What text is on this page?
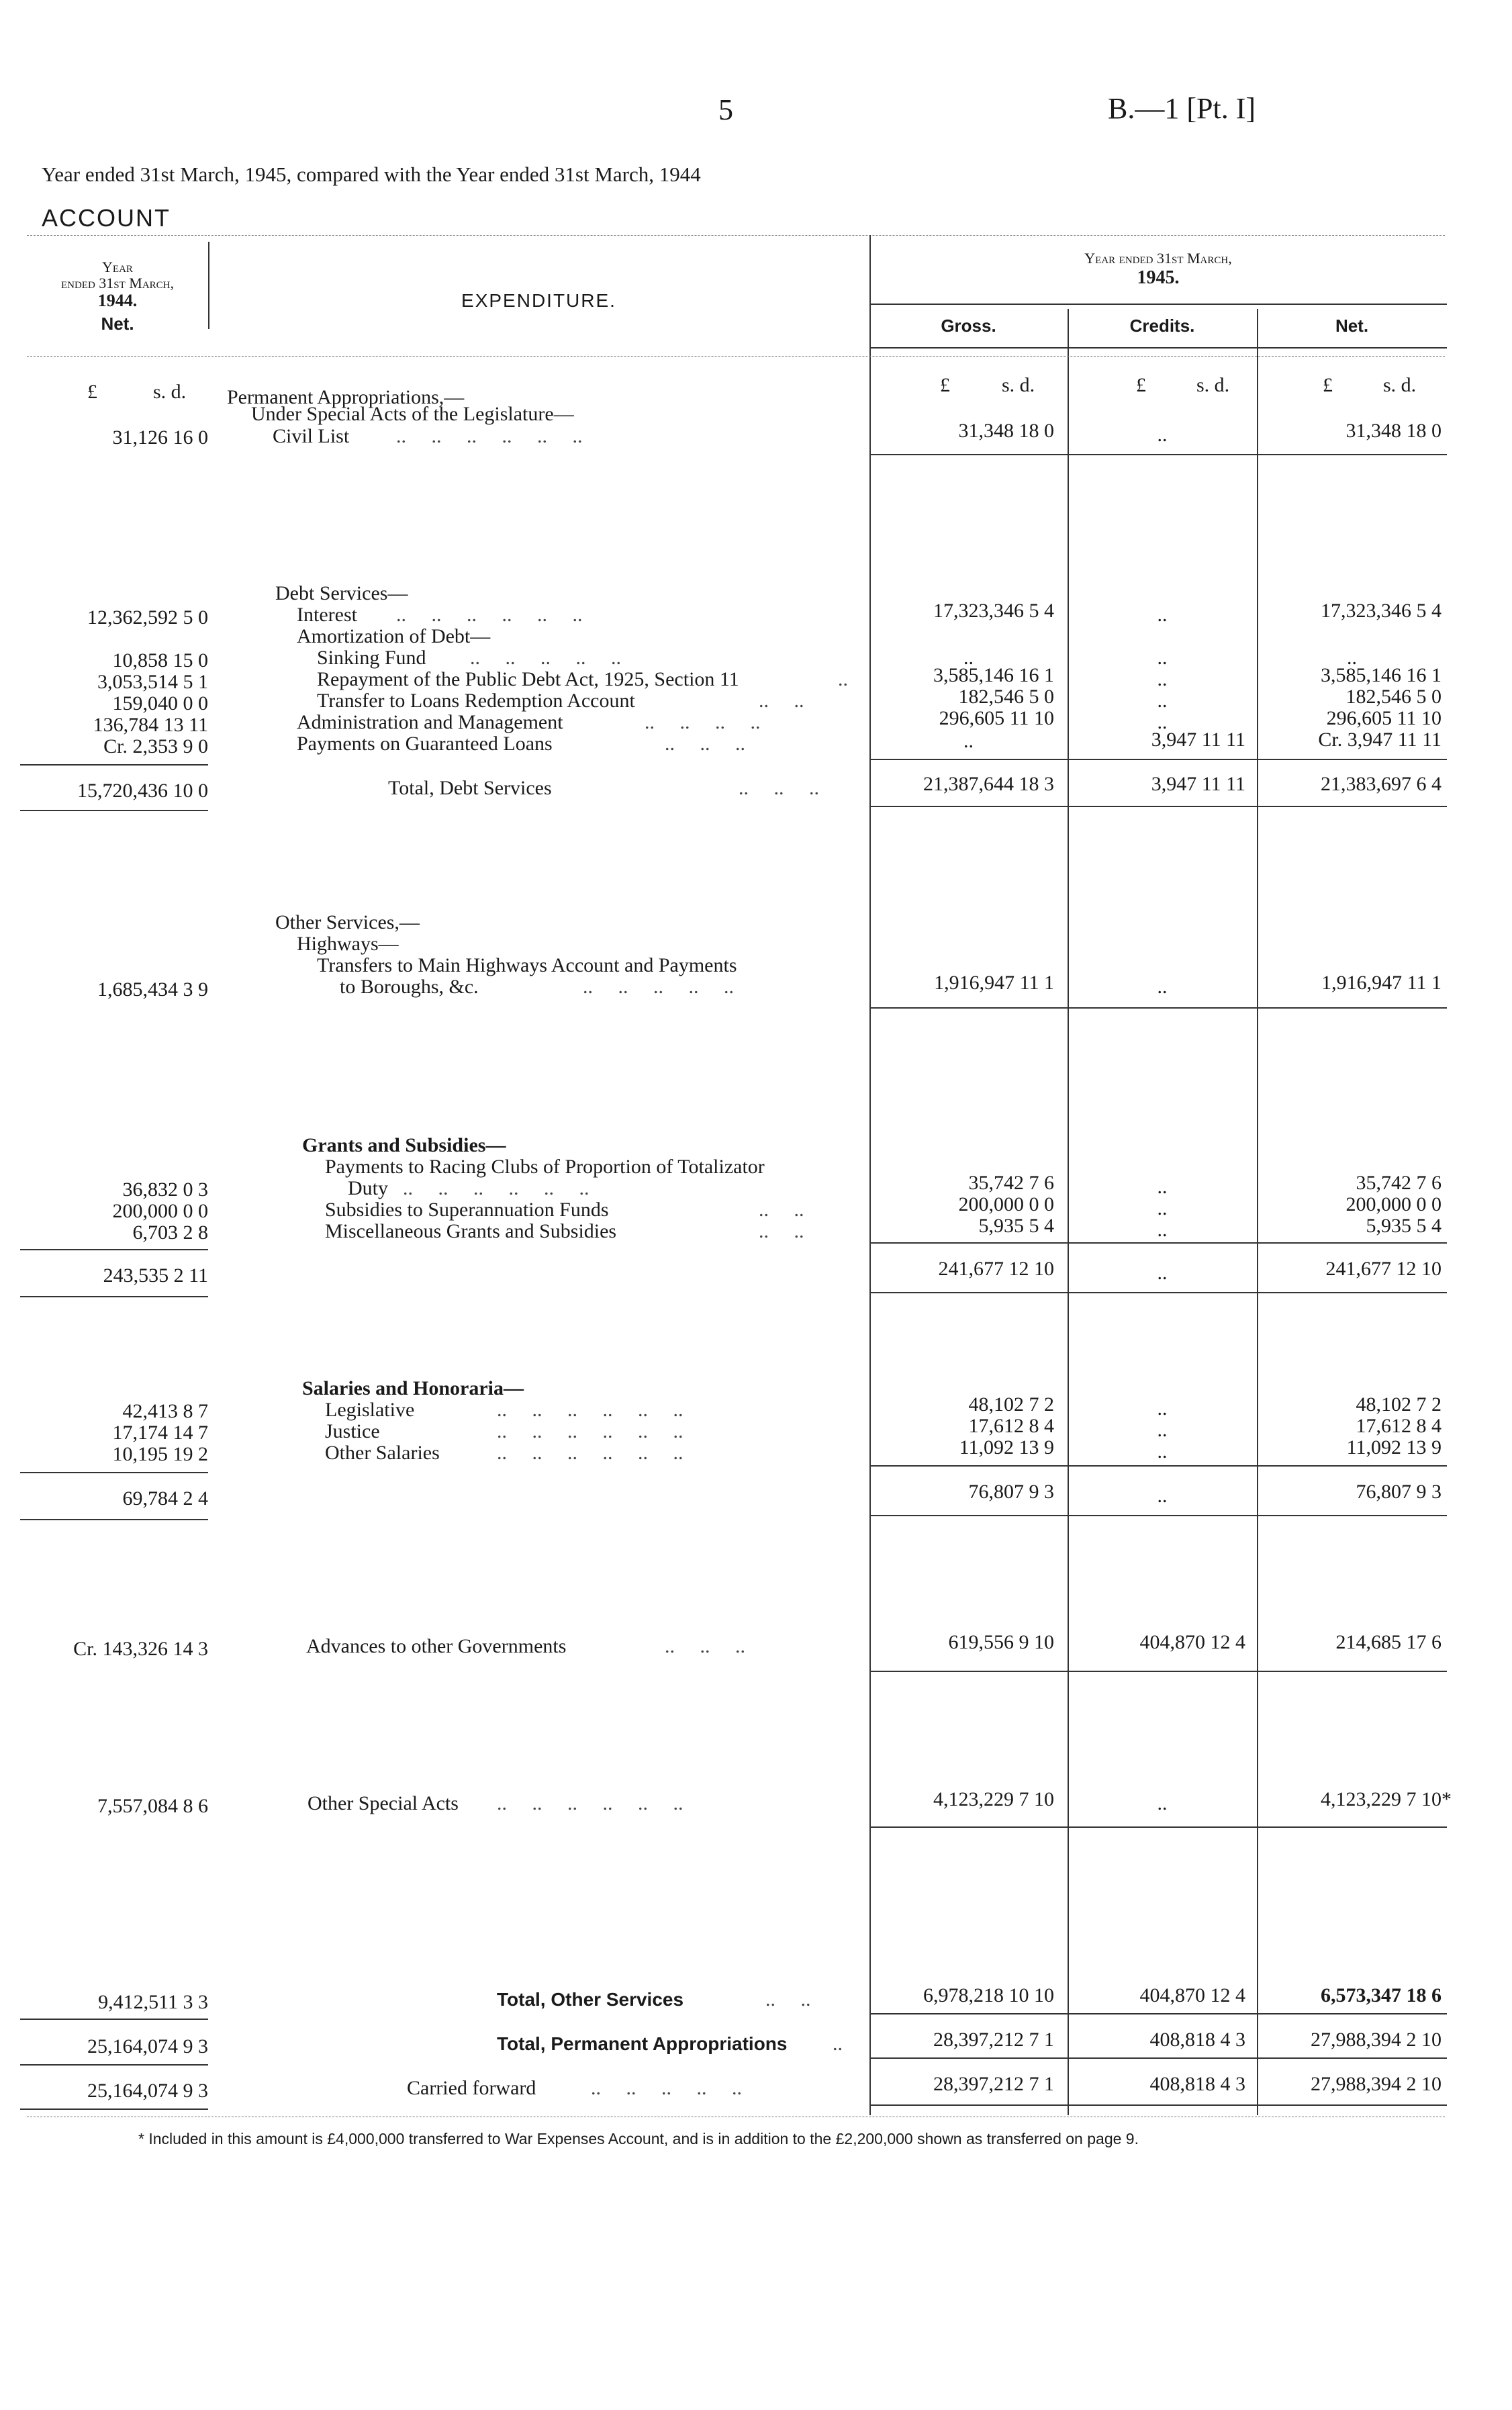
5	B.—1 [Pt. I]
Year ended 31st March, 1945, compared with the Year ended 31st March, 1944
ACCOUNT
Year
ended 31st March,
1944.
Net.
EXPENDITURE.
Year ended 31st March,
1945.
Gross.	Credits.	Net.
£	s. d.	£	s. d.	£	s. d.	£	s. d.
Permanent Appropriations,—
Under Special Acts of the Legislature—
Civil List ..     ..     ..     ..     ..     ..
31,126 16 0	31,348 18 0	..	31,348 18 0
Debt Services—
Interest ..     ..     ..     ..     ..     ..
12,362,592 5 0	17,323,346 5 4	..	17,323,346 5 4
Amortization of Debt—
Sinking Fund ..     ..     ..     ..     ..
10,858 15 0	..	..	..
Repayment of the Public Debt Act, 1925, Section 11	..
3,053,514 5 1	3,585,146 16 1	..	3,585,146 16 1
Transfer to Loans Redemption Account	..     ..
159,040 0 0	182,546 5 0	..	182,546 5 0
Administration and Management	..     ..     ..     ..
136,784 13 11	296,605 11 10	..	296,605 11 10
Payments on Guaranteed Loans	..     ..     ..
Cr. 2,353 9 0	..	3,947 11 11	Cr. 3,947 11 11
Total, Debt Services	..     ..     ..
15,720,436 10 0	21,387,644 18 3	3,947 11 11	21,383,697 6 4
Other Services,—
Highways—
Transfers to Main Highways Account and Payments
to Boroughs, &c.	..     ..     ..     ..     ..
1,685,434 3 9	1,916,947 11 1	..	1,916,947 11 1
Grants and Subsidies—
Payments to Racing Clubs of Proportion of Totalizator
Duty ..     ..     ..     ..     ..     ..
36,832 0 3	35,742 7 6	..	35,742 7 6
Subsidies to Superannuation Funds	..     ..
200,000 0 0	200,000 0 0	..	200,000 0 0
Miscellaneous Grants and Subsidies	..     ..
6,703 2 8	5,935 5 4	..	5,935 5 4
243,535 2 11	241,677 12 10	..	241,677 12 10
Salaries and Honoraria—
Legislative	..     ..     ..     ..     ..     ..
42,413 8 7	48,102 7 2	..	48,102 7 2
Justice	..     ..     ..     ..     ..     ..
17,174 14 7	17,612 8 4	..	17,612 8 4
Other Salaries	..     ..     ..     ..     ..     ..
10,195 19 2	11,092 13 9	..	11,092 13 9
69,784 2 4	76,807 9 3	..	76,807 9 3
Advances to other Governments	..     ..     ..
Cr. 143,326 14 3	619,556 9 10	404,870 12 4	214,685 17 6
Other Special Acts ..     ..     ..     ..     ..     ..
7,557,084 8 6	4,123,229 7 10	..	4,123,229 7 10*
Total, Other Services	..     ..
9,412,511 3 3	6,978,218 10 10	404,870 12 4	6,573,347 18 6
Total, Permanent Appropriations ..
25,164,074 9 3	28,397,212 7 1	408,818 4 3	27,988,394 2 10
Carried forward	..     ..     ..     ..     ..
25,164,074 9 3	28,397,212 7 1	408,818 4 3	27,988,394 2 10
* Included in this amount is £4,000,000 transferred to War Expenses Account, and is in addition to the £2,200,000 shown as transferred on page 9.
